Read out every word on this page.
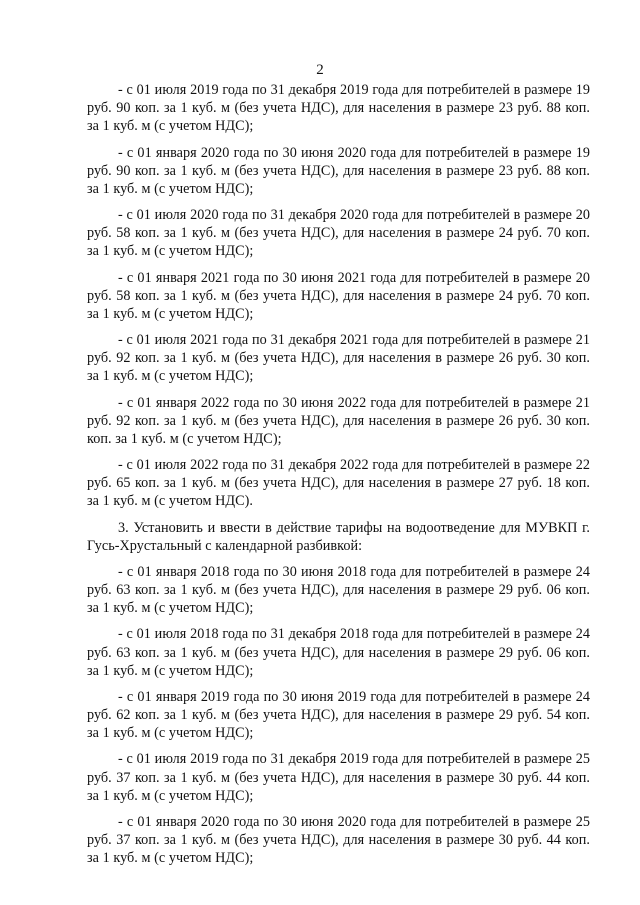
2

- с 01 июля 2019 года по 31 декабря 2019 года для потребителей в размере 19 руб. 90 коп. за 1 куб. м (без учета НДС), для населения в размере 23 руб. 88 коп. за 1 куб. м (с учетом НДС);

- с 01 января 2020 года по 30 июня 2020 года для потребителей в размере 19 руб. 90 коп. за 1 куб. м (без учета НДС), для населения в размере 23 руб. 88 коп. за 1 куб. м (с учетом НДС);

- с 01 июля 2020 года по 31 декабря 2020 года для потребителей в размере 20 руб. 58 коп. за 1 куб. м (без учета НДС), для населения в размере 24 руб. 70 коп. за 1 куб. м (с учетом НДС);

- с 01 января 2021 года по 30 июня 2021 года для потребителей в размере 20 руб. 58 коп. за 1 куб. м (без учета НДС), для населения в размере 24 руб. 70 коп. за 1 куб. м (с учетом НДС);

- с 01 июля 2021 года по 31 декабря 2021 года для потребителей в размере 21 руб. 92 коп. за 1 куб. м (без учета НДС), для населения в размере 26 руб. 30 коп. за 1 куб. м (с учетом НДС);

- с 01 января 2022 года по 30 июня 2022 года для потребителей в размере 21 руб. 92 коп. за 1 куб. м (без учета НДС), для населения в размере 26 руб. 30 коп. коп. за 1 куб. м (с учетом НДС);

- с 01 июля 2022 года по 31 декабря 2022 года для потребителей в размере 22 руб. 65 коп. за 1 куб. м (без учета НДС), для населения в размере 27 руб. 18 коп. за 1 куб. м (с учетом НДС).

3. Установить и ввести в действие тарифы на водоотведение для МУВКП г. Гусь-Хрустальный с календарной разбивкой:

- с 01 января 2018 года по 30 июня 2018 года для потребителей в размере 24 руб. 63 коп. за 1 куб. м (без учета НДС), для населения в размере 29 руб. 06 коп. за 1 куб. м (с учетом НДС);

- с 01 июля 2018 года по 31 декабря 2018 года для потребителей в размере 24 руб. 63 коп. за 1 куб. м (без учета НДС), для населения в размере 29 руб. 06 коп. за 1 куб. м (с учетом НДС);

- с 01 января 2019 года по 30 июня 2019 года для потребителей в размере 24 руб. 62 коп. за 1 куб. м (без учета НДС), для населения в размере 29 руб. 54 коп. за 1 куб. м (с учетом НДС);

- с 01 июля 2019 года по 31 декабря 2019 года для потребителей в размере 25 руб. 37 коп. за 1 куб. м (без учета НДС), для населения в размере 30 руб. 44 коп. за 1 куб. м (с учетом НДС);

- с 01 января 2020 года по 30 июня 2020 года для потребителей в размере 25 руб. 37 коп. за 1 куб. м (без учета НДС), для населения в размере 30 руб. 44 коп. за 1 куб. м (с учетом НДС);
